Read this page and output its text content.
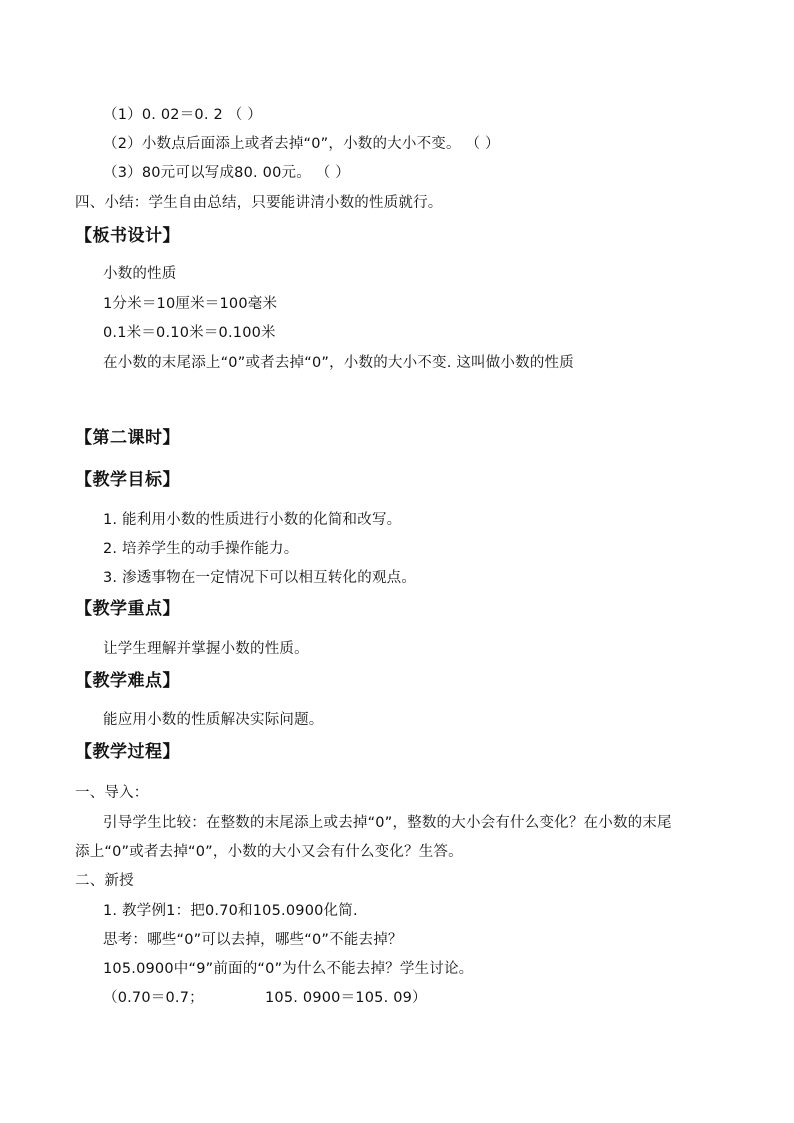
（1）0. 02＝0. 2 （ ）
（2）小数点后面添上或者去掉“0”，小数的大小不变。 （ ）
（3）80元可以写成80. 00元。 （ ）
四、小结：学生自由总结，只要能讲清小数的性质就行。
【板书设计】
小数的性质
1分米＝10厘米＝100毫米
0.1米＝0.10米＝0.100米
在小数的末尾添上“0”或者去掉“0”，小数的大小不变. 这叫做小数的性质
【第二课时】
【教学目标】
1. 能利用小数的性质进行小数的化简和改写。
2. 培养学生的动手操作能力。
3. 渗透事物在一定情况下可以相互转化的观点。
【教学重点】
让学生理解并掌握小数的性质。
【教学难点】
能应用小数的性质解决实际问题。
【教学过程】
一、导入：
引导学生比较：在整数的末尾添上或去掉“0”，整数的大小会有什么变化？在小数的末尾
添上“0”或者去掉“0”，小数的大小又会有什么变化？生答。
二、新授
1. 教学例1：把0.70和105.0900化简.
思考：哪些“0”可以去掉，哪些“0”不能去掉？
105.0900中“9”前面的“0”为什么不能去掉？学生讨论。
（0.70＝0.7；	105. 0900＝105. 09）
